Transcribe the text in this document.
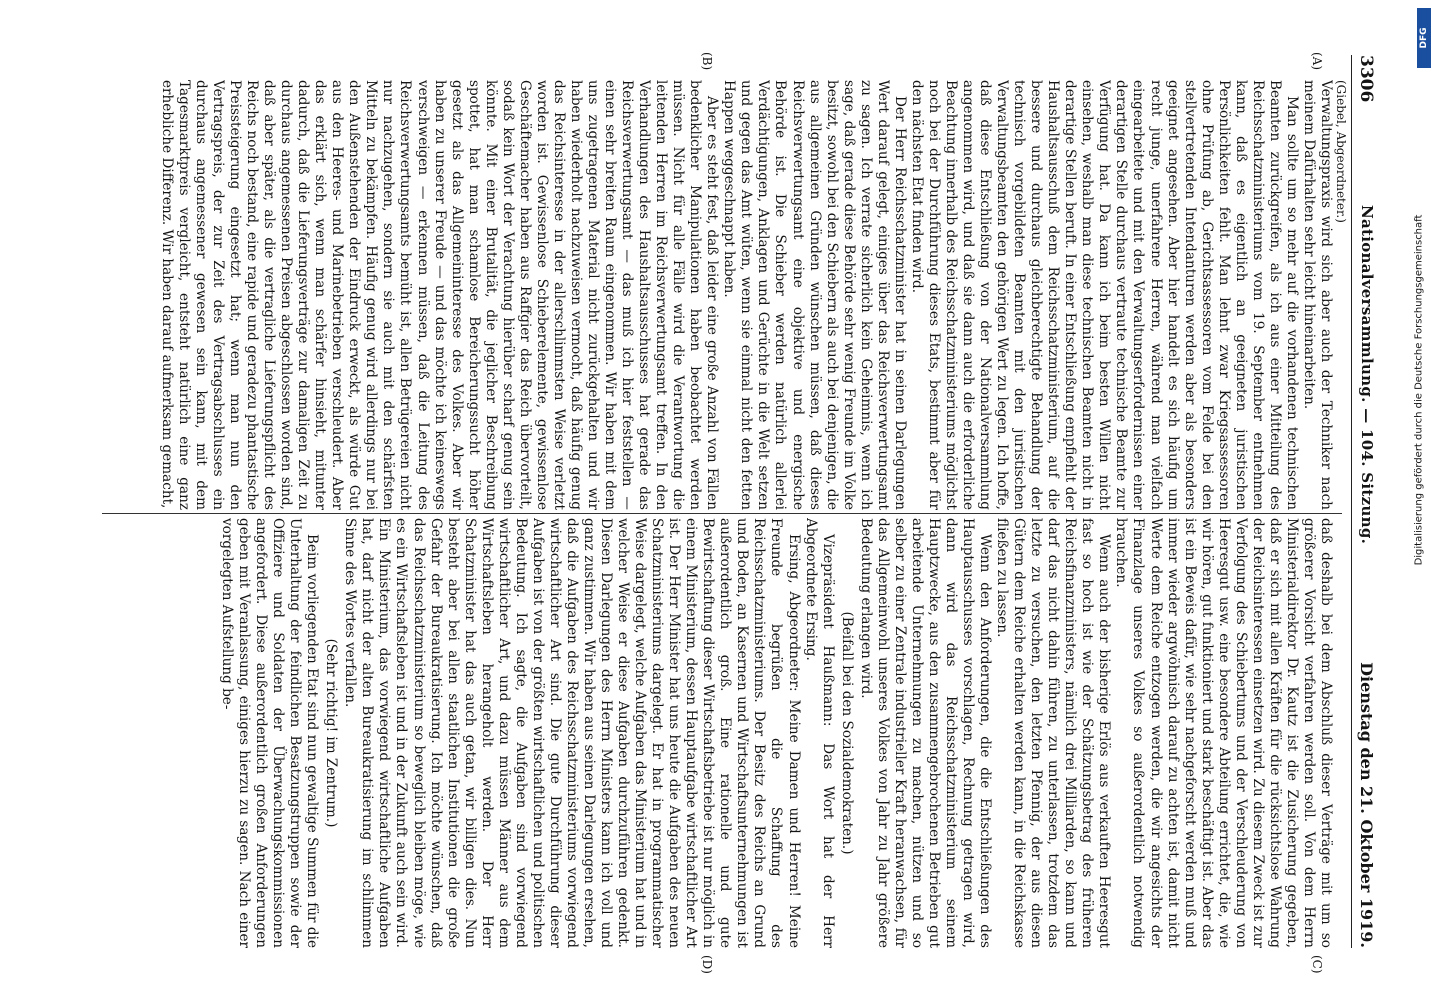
3306
Nationalversammlung. — 104. Sitzung.
Dienstag den 21. Oktober 1919.
(Giebel, Abgeordneter.)
(A)
(B)
(C)
(D)

Verwaltungspraxis wird sich aber auch der Techniker nach meinem Dafürhalten sehr leicht hineinarbeiten.

Man sollte um so mehr auf die vorhandenen technischen Beamten zurückgreifen, als ich aus einer Mitteilung des Reichsschatzministeriums vom 19. September entnehmen kann, daß es eigentlich an geeigneten juristischen Persönlichkeiten fehlt. Man lehnt zwar Kriegsassessoren ohne Prüfung ab, Gerichtsassessoren vom Felde bei den stellvertretenden Intendanturen werden aber als besonders geeignet angesehen. Aber hier handelt es sich häufig um recht junge, unerfahrene Herren, während man vielfach eingearbeitete und mit den Verwaltungserfordernissen einer derartigen Stelle durchaus vertraute technische Beamte zur Verfügung hat. Da kann ich beim besten Willen nicht einsehen, weshalb man diese technischen Beamten nicht in derartige Stellen beruft. In einer Entschließung empfiehlt der Haushaltsausschuß dem Reichsschatzministerium, auf die bessere und durchaus gleichberechtigte Behandlung der technisch vorgebildeten Beamten mit den juristischen Verwaltungsbeamten den gehörigen Wert zu legen. Ich hoffe, daß diese Entschließung von der Nationalversammlung angenommen wird, und daß sie dann auch die erforderliche Beachtung innerhalb des Reichsschatzministeriums möglichst noch bei der Durchführung dieses Etats, bestimmt aber für den nächsten Etat finden wird.

Der Herr Reichsschatzminister hat in seinen Darlegungen Wert darauf gelegt, einiges über das Reichsverwertungsamt zu sagen. Ich verrate sicherlich kein Geheimnis, wenn ich sage, daß gerade diese Behörde sehr wenig Freunde im Volke besitzt, sowohl bei den Schiebern als auch bei denjenigen, die aus allgemeinen Gründen wünschen müssen, daß dieses Reichsverwertungsamt eine objektive und energische Behörde ist. Die Schieber werden natürlich allerlei Verdächtigungen, Anklagen und Gerüchte in die Welt setzen und gegen das Amt wüten, wenn sie einmal nicht den fetten Happen weggeschnappt haben.

Aber es steht fest, daß leider eine große Anzahl von Fällen bedenklicher Manipulationen haben beobachtet werden müssen. Nicht für alle Fälle wird die Verantwortung die leitenden Herren im Reichsverwertungsamt treffen. In den Verhandlungen des Haushaltsausschusses hat gerade das Reichsverwertungsamt — das muß ich hier feststellen — einen sehr breiten Raum eingenommen. Wir haben mit dem uns zugetragenen Material nicht zurückgehalten und wir haben wiederholt nachzuweisen vermocht, daß häufig genug das Reichsinteresse in der allerschlimmsten Weise verletzt worden ist. Gewissenlose Schieberelemente, gewissenlose Geschäftemacher haben aus Raffgier das Reich übervorteilt, sodaß kein Wort der Verachtung hierüber scharf genug sein könnte. Mit einer Brutalität, die jeglicher Beschreibung spottet, hat man schamlose Bereicherungssucht höher gesetzt als das Allgemeininteresse des Volkes. Aber wir haben zu unserer Freude — und das möchte ich keineswegs verschweigen — erkennen müssen, daß die Leitung des Reichsverwertungsamts bemüht ist, allen Betrügereien nicht nur nachzugehen, sondern sie auch mit den schärfsten Mitteln zu bekämpfen. Häufig genug wird allerdings nur bei den Außenstehenden der Eindruck erweckt, als würde Gut aus den Heeres- und Marinebetrieben verschleudert. Aber das erklärt sich, wenn man schärfer hinsieht, mitunter dadurch, daß die Lieferungsverträge zur damaligen Zeit zu durchaus angemessenen Preisen abgeschlossen worden sind, daß aber später, als die vertragliche Lieferungspflicht des Reichs noch bestand, eine rapide und geradezu phantastische Preissteigerung eingesetzt hat; wenn man nun den Vertragspreis, der zur Zeit des Vertragsabschlusses ein durchaus angemessener gewesen sein kann, mit dem Tagesmarktpreis vergleicht, entsteht natürlich eine ganz erhebliche Differenz. Wir haben darauf aufmerksam gemacht,

daß deshalb bei dem Abschluß dieser Verträge mit um so größerer Vorsicht verfahren werden soll. Von dem Herrn Ministerialdirektor Dr. Kautz ist die Zusicherung gegeben, daß er sich mit allen Kräften für die rücksichtslose Wahrung der Reichsinteressen einsetzen wird. Zu diesem Zweck ist zur Verfolgung des Schiebertums und der Verschleuderung von Heeresgut usw. eine besondere Abteilung errichtet, die, wie wir hören, gut funktioniert und stark beschäftigt ist. Aber das ist ein Beweis dafür, wie sehr nachgeforscht werden muß und immer wieder argwöhnisch darauf zu achten ist, damit nicht Werte dem Reiche entzogen werden, die wir angesichts der Finanzlage unseres Volkes so außerordentlich notwendig brauchen.

Wenn auch der bisherige Erlös aus verkauften Heeresgut fast so hoch ist wie der Schätzungsbetrag des früheren Reichsfinanzministers, nämlich drei Milliarden, so kann und darf das nicht dahin führen, zu unterlassen, trotzdem das letzte zu versuchen, den letzten Pfennig, der aus diesen Gütern dem Reiche erhalten werden kann, in die Reichskasse fließen zu lassen.

Wenn den Anforderungen, die die Entschließungen des Hauptausschusses vorschlagen, Rechnung getragen wird, dann wird das Reichsschatzministerium seinem Hauptzwecke, aus den zusammengebrochenen Betrieben gut arbeitende Unternehmungen zu machen, nützen und so selber zu einer Zentrale industrieller Kraft heranwachsen, für das Allgemeinwohl unseres Volkes von Jahr zu Jahr größere Bedeutung erlangen wird.

(Beifall bei den Sozialdemokraten.)

Vizepräsident Haußmann: Das Wort hat der Herr Abgeordnete Ersing.

Ersing, Abgeordneter: Meine Damen und Herren! Meine Freunde begrüßen die Schaffung des Reichsschatzministeriums. Der Besitz des Reichs an Grund und Boden, an Kasernen und Wirtschaftsunternehmungen ist außerordentlich groß. Eine rationelle und gute Bewirtschaftung dieser Wirtschaftsbetriebe ist nur möglich in einem Ministerium, dessen Hauptaufgabe wirtschaftlicher Art ist. Der Herr Minister hat uns heute die Aufgaben des neuen Schatzministeriums dargelegt. Er hat in programmatischer Weise dargelegt, welche Aufgaben das Ministerium hat und in welcher Weise er diese Aufgaben durchzuführen gedenkt. Diesen Darlegungen des Herrn Ministers kann ich voll und ganz zustimmen. Wir haben aus seinen Darlegungen ersehen, daß die Aufgaben des Reichsschatzministeriums vorwiegend wirtschaftlicher Art sind. Die gute Durchführung dieser Aufgaben ist von der größten wirtschaftlichen und politischen Bedeutung. Ich sagte, die Aufgaben sind vorwiegend wirtschaftlicher Art, und dazu müssen Männer aus dem Wirtschaftsleben herangeholt werden. Der Herr Schatzminister hat das auch getan, wir billigen dies. Nun besteht aber bei allen staatlichen Institutionen die große Gefahr der Bureaukratisierung. Ich möchte wünschen, daß das Reichsschatzministerium so beweglich bleiben möge, wie es ein Wirtschaftsleben ist und in der Zukunft auch sein wird. Ein Ministerium, das vorwiegend wirtschaftliche Aufgaben hat, darf nicht der alten Bureaukratisierung im schlimmen Sinne des Wortes verfallen.

(Sehr richtig! im Zentrum.)

Beim vorliegenden Etat sind nun gewaltige Summen für die Unterhaltung der feindlichen Besatzungstruppen sowie der Offiziere und Soldaten der Überwachungskommissionen angefordert. Diese außerordentlich großen Anforderungen geben mit Veranlassung, einiges hierzu zu sagen. Nach einer vorgelegten Aufstellung be-

Digitalisierung gefördert durch die Deutsche Forschungsgemeinschaft
DFG
